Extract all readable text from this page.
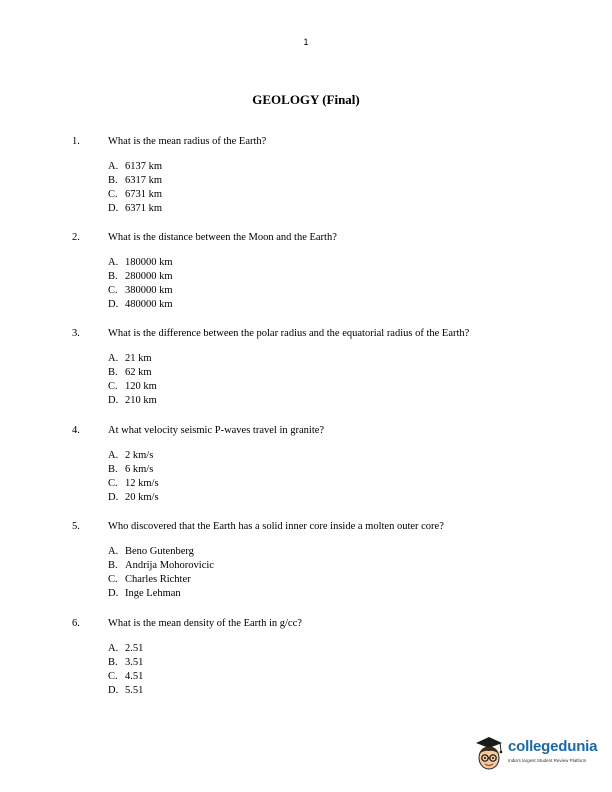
1
GEOLOGY (Final)
1.	What is the mean radius of the Earth?
A. 6137 km
B. 6317 km
C. 6731 km
D. 6371 km
2.	What is the distance between the Moon and the Earth?
A. 180000 km
B. 280000 km
C. 380000 km
D. 480000 km
3.	What is the difference between the polar radius and the equatorial radius of the Earth?
A. 21 km
B. 62 km
C. 120 km
D. 210 km
4.	At what velocity seismic P-waves travel in granite?
A. 2 km/s
B. 6 km/s
C. 12 km/s
D. 20 km/s
5.	Who discovered that the Earth has a solid inner core inside a molten outer core?
A. Beno Gutenberg
B. Andrija Mohorovicic
C. Charles Richter
D. Inge Lehman
6.	What is the mean density of the Earth in g/cc?
A. 2.51
B. 3.51
C. 4.51
D. 5.51
collegedunia
India's largest Student Review Platform
